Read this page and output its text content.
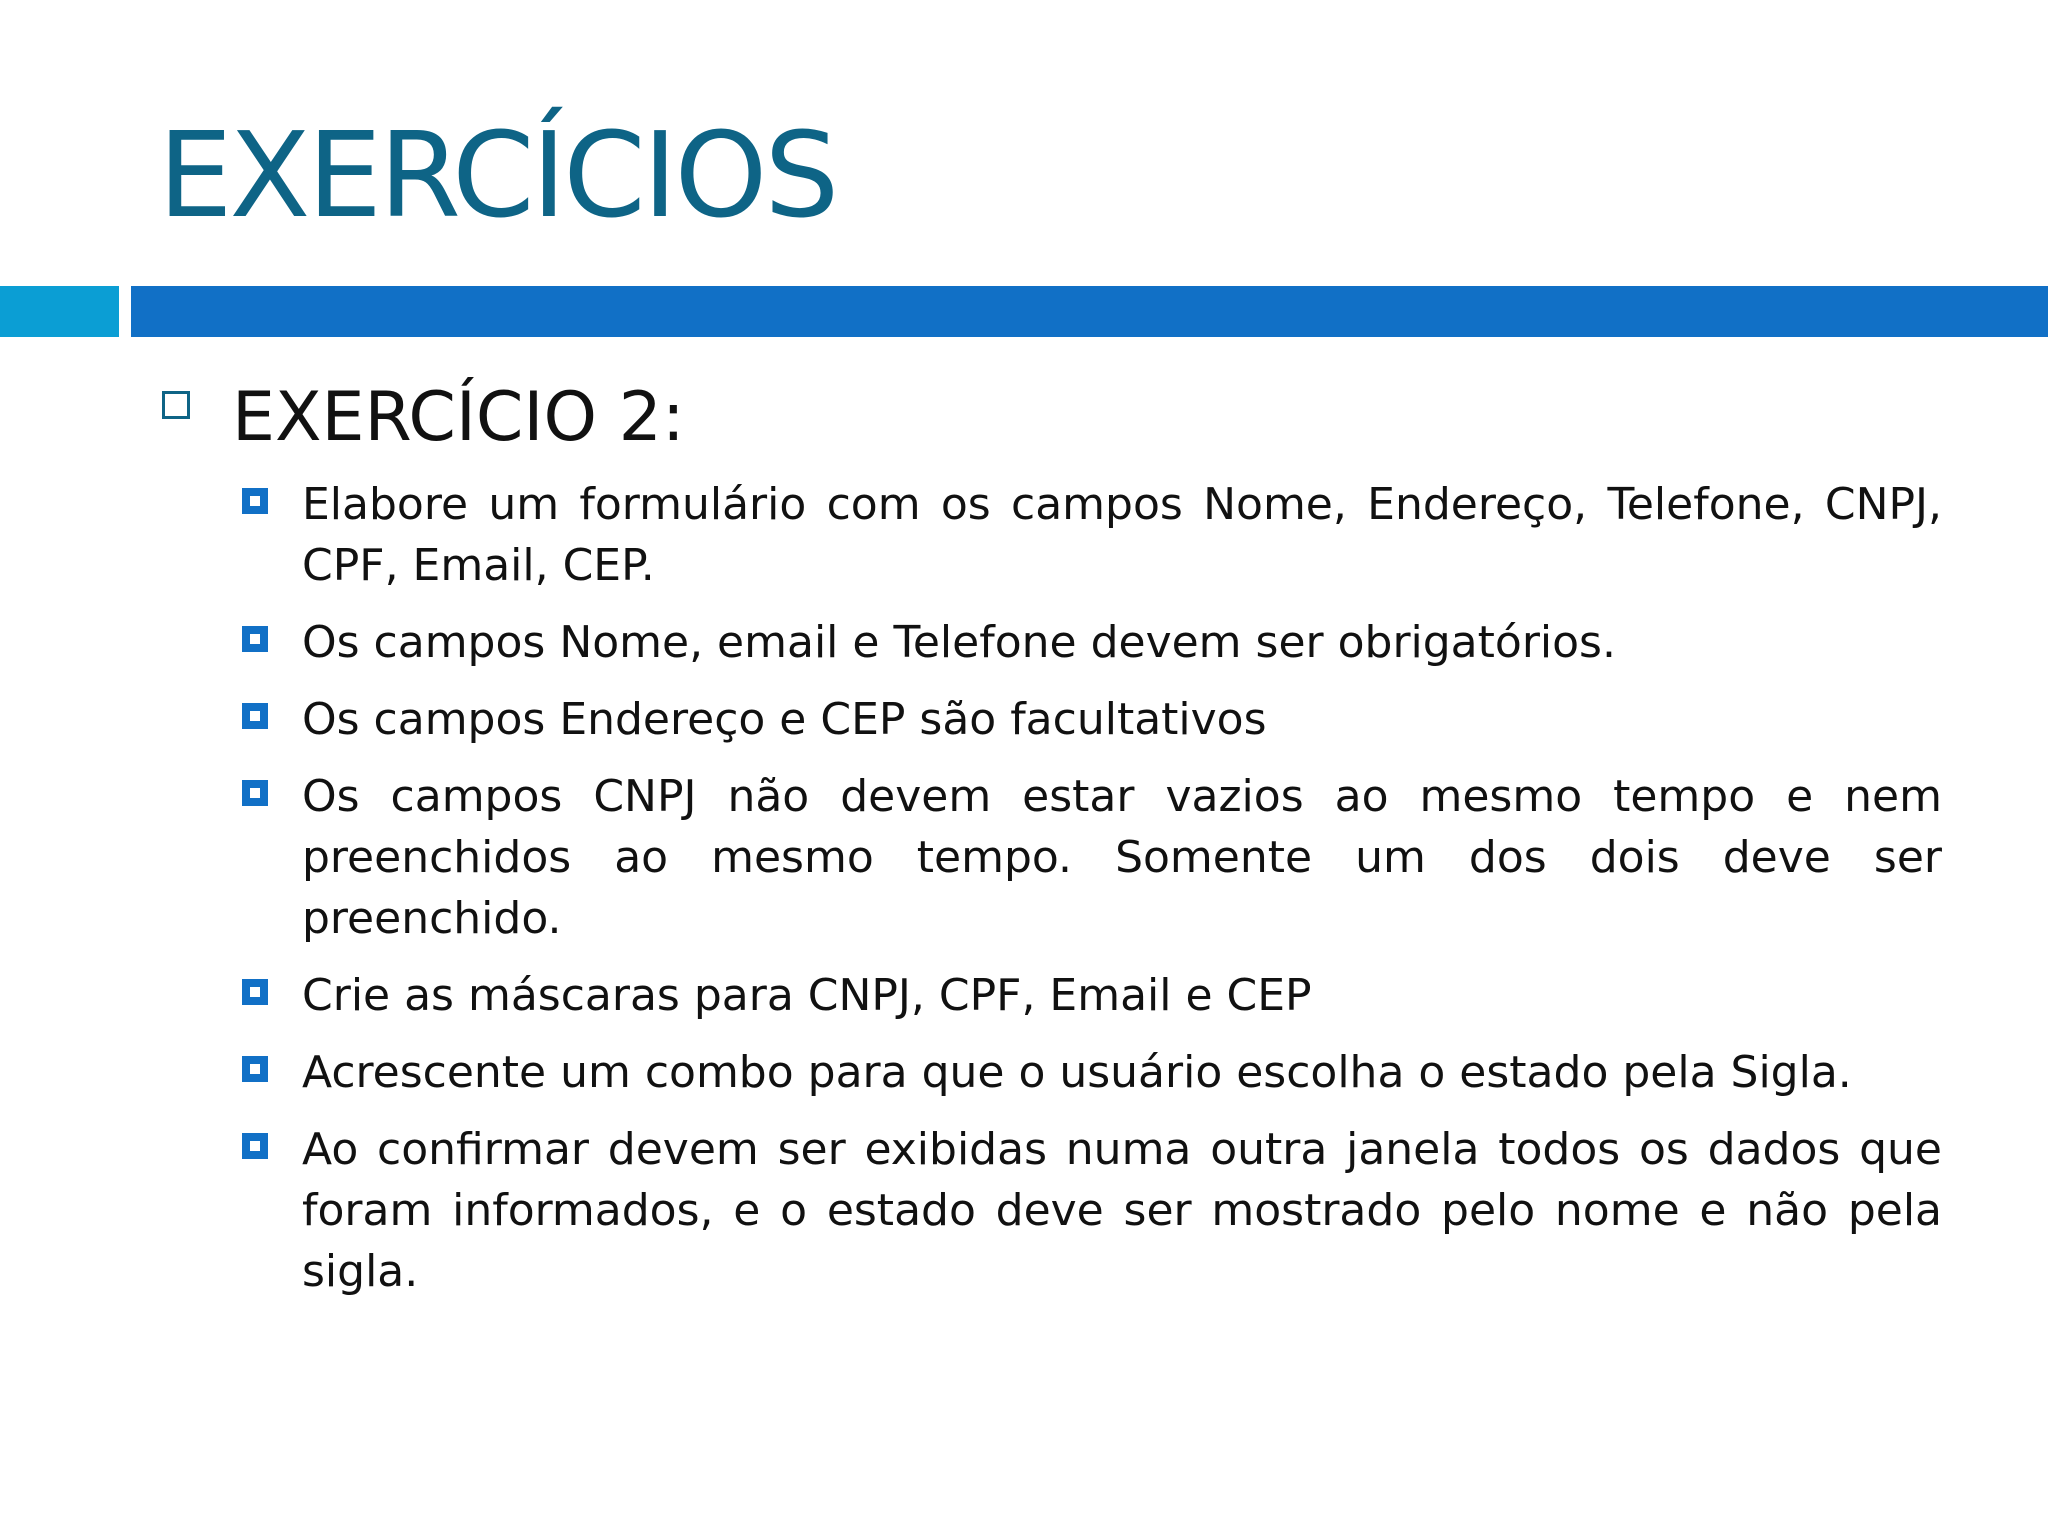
EXERCÍCIOS
EXERCÍCIO 2:
Elabore um formulário com os campos Nome, Endereço, Telefone, CNPJ, CPF, Email, CEP.
Os campos Nome, email e Telefone devem ser obrigatórios.
Os campos Endereço e CEP são facultativos
Os campos CNPJ não devem estar vazios ao mesmo tempo e nem preenchidos ao mesmo tempo. Somente um dos dois deve ser preenchido.
Crie as máscaras para CNPJ, CPF, Email e CEP
Acrescente um combo para que o usuário escolha o estado pela Sigla.
Ao confirmar devem ser exibidas numa outra janela todos os dados que foram informados, e o estado deve ser mostrado pelo nome e não pela sigla.
